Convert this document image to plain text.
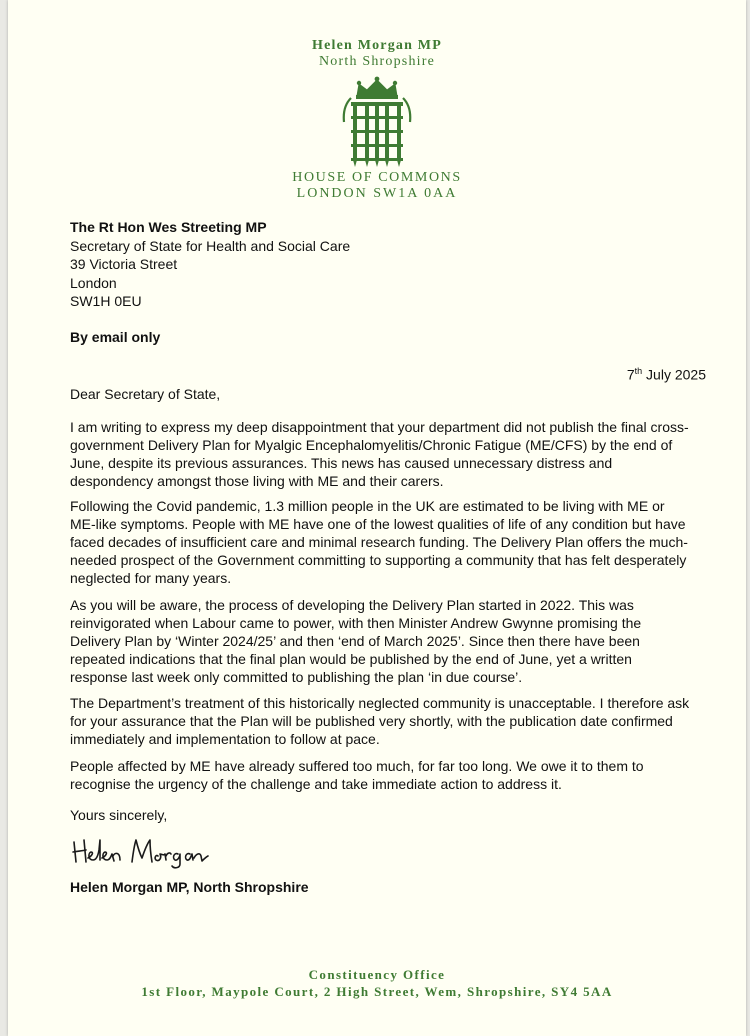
Helen Morgan MP
North Shropshire
HOUSE OF COMMONS
LONDON SW1A 0AA
The Rt Hon Wes Streeting MP
Secretary of State for Health and Social Care
39 Victoria Street
London
SW1H 0EU
By email only
7th July 2025
Dear Secretary of State,

I am writing to express my deep disappointment that your department did not publish the final cross-government Delivery Plan for Myalgic Encephalomyelitis/Chronic Fatigue (ME/CFS) by the end of June, despite its previous assurances. This news has caused unnecessary distress and despondency amongst those living with ME and their carers.

Following the Covid pandemic, 1.3 million people in the UK are estimated to be living with ME or ME-like symptoms. People with ME have one of the lowest qualities of life of any condition but have faced decades of insufficient care and minimal research funding. The Delivery Plan offers the much-needed prospect of the Government committing to supporting a community that has felt desperately neglected for many years.

As you will be aware, the process of developing the Delivery Plan started in 2022. This was reinvigorated when Labour came to power, with then Minister Andrew Gwynne promising the Delivery Plan by ‘Winter 2024/25’ and then ‘end of March 2025’. Since then there have been repeated indications that the final plan would be published by the end of June, yet a written response last week only committed to publishing the plan ‘in due course’.

The Department’s treatment of this historically neglected community is unacceptable. I therefore ask for your assurance that the Plan will be published very shortly, with the publication date confirmed immediately and implementation to follow at pace.

People affected by ME have already suffered too much, for far too long. We owe it to them to recognise the urgency of the challenge and take immediate action to address it.

Yours sincerely,
Helen Morgan MP, North Shropshire
Constituency Office
1st Floor, Maypole Court, 2 High Street, Wem, Shropshire, SY4 5AA
